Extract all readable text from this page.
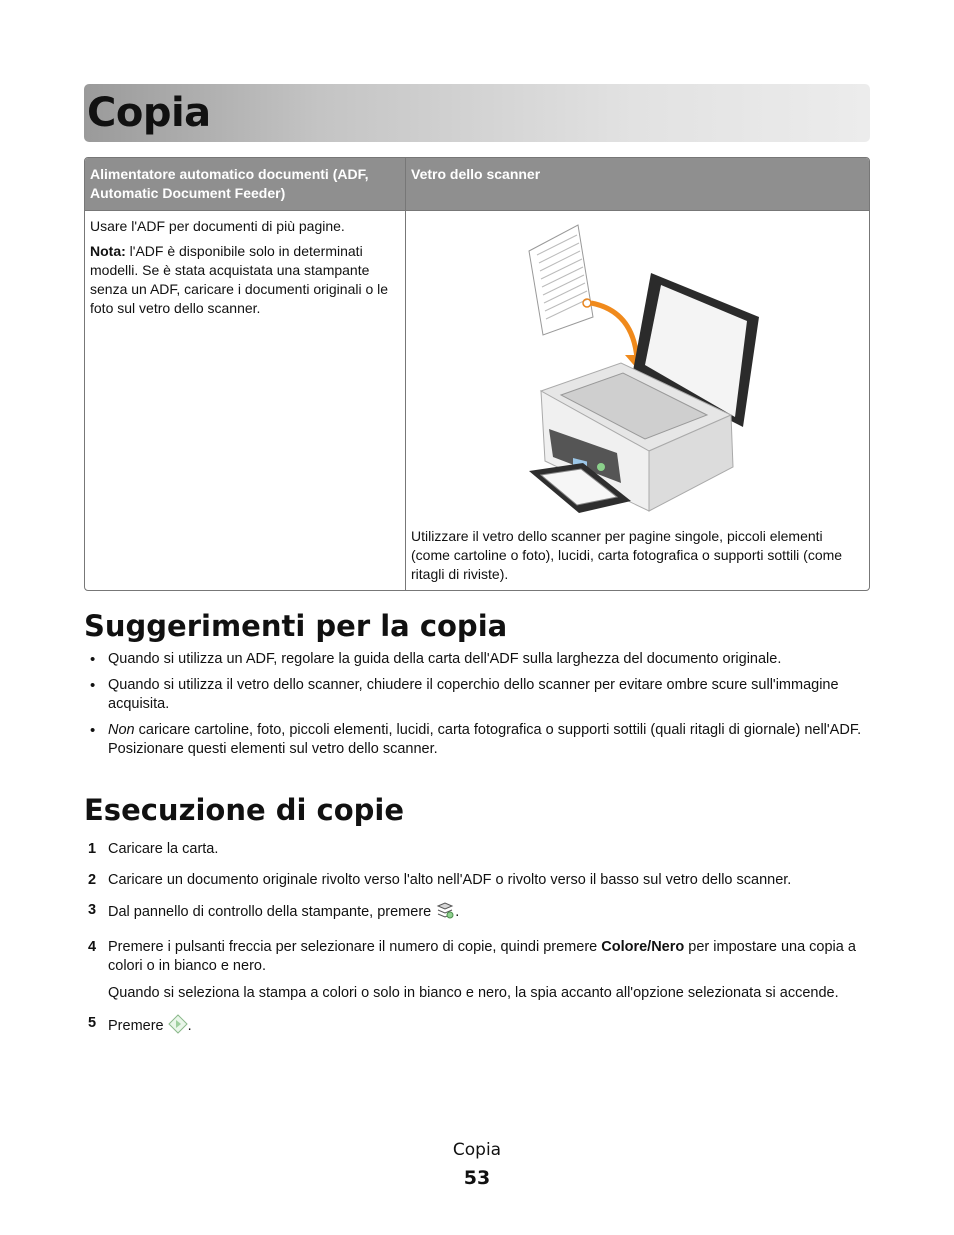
Copia
Alimentatore automatico documenti (ADF, Automatic Document Feeder)	Vetro dello scanner

Usare l'ADF per documenti di più pagine.

Nota: l'ADF è disponibile solo in determinati modelli. Se è stata acquistata una stampante senza un ADF, caricare i documenti originali o le foto sul vetro dello scanner.	Utilizzare il vetro dello scanner per pagine singole, piccoli elementi (come cartoline o foto), lucidi, carta fotografica o supporti sottili (come ritagli di riviste).

Suggerimenti per la copia
• Quando si utilizza un ADF, regolare la guida della carta dell'ADF sulla larghezza del documento originale.
• Quando si utilizza il vetro dello scanner, chiudere il coperchio dello scanner per evitare ombre scure sull'immagine acquisita.
• Non caricare cartoline, foto, piccoli elementi, lucidi, carta fotografica o supporti sottili (quali ritagli di giornale) nell'ADF. Posizionare questi elementi sul vetro dello scanner.
Esecuzione di copie
1 Caricare la carta.
2 Caricare un documento originale rivolto verso l'alto nell'ADF o rivolto verso il basso sul vetro dello scanner.
3 Dal pannello di controllo della stampante, premere .
4 Premere i pulsanti freccia per selezionare il numero di copie, quindi premere Colore/Nero per impostare una copia a colori o in bianco e nero.
Quando si seleziona la stampa a colori o solo in bianco e nero, la spia accanto all'opzione selezionata si accende.
5 Premere .
Copia
53
